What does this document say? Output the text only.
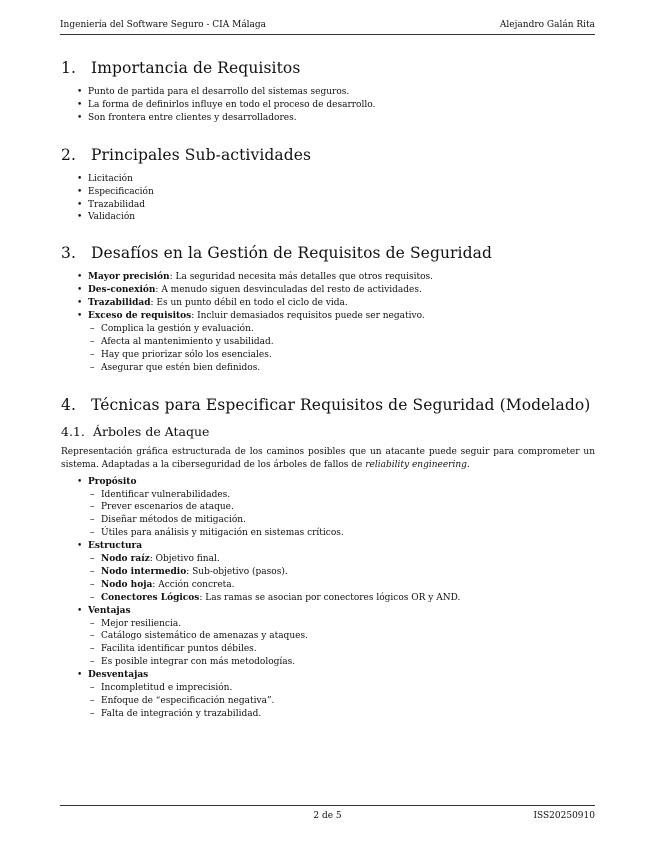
Ingeniería del Software Seguro - CIA Málaga	Alejandro Galán Rita
1. Importancia de Requisitos
• Punto de partida para el desarrollo del sistemas seguros.
• La forma de definirlos influye en todo el proceso de desarrollo.
• Son frontera entre clientes y desarrolladores.
2. Principales Sub-actividades
• Licitación
• Especificación
• Trazabilidad
• Validación
3. Desafíos en la Gestión de Requisitos de Seguridad
• Mayor precisión: La seguridad necesita más detalles que otros requisitos.
• Des-conexión: A menudo siguen desvinculadas del resto de actividades.
• Trazabilidad: Es un punto débil en todo el ciclo de vida.
• Exceso de requisitos: Incluir demasiados requisitos puede ser negativo.
– Complica la gestión y evaluación.
– Afecta al mantenimiento y usabilidad.
– Hay que priorizar sólo los esenciales.
– Asegurar que estén bien definidos.
4. Técnicas para Especificar Requisitos de Seguridad (Modelado)
4.1. Árboles de Ataque

Representación gráfica estructurada de los caminos posibles que un atacante puede seguir para comprometer un sistema. Adaptadas a la ciberseguridad de los árboles de fallos de reliability engineering.

• Propósito
– Identificar vulnerabilidades.
– Prever escenarios de ataque.
– Diseñar métodos de mitigación.
– Útiles para análisis y mitigación en sistemas críticos.
• Estructura
– Nodo raíz: Objetivo final.
– Nodo intermedio: Sub-objetivo (pasos).
– Nodo hoja: Acción concreta.
– Conectores Lógicos: Las ramas se asocian por conectores lógicos OR y AND.
• Ventajas
– Mejor resiliencia.
– Catálogo sistemático de amenazas y ataques.
– Facilita identificar puntos débiles.
– Es posible integrar con más metodologías.
• Desventajas
– Incompletitud e imprecisión.
– Enfoque de “especificación negativa”.
– Falta de integración y trazabilidad.
2 de 5	ISS20250910
